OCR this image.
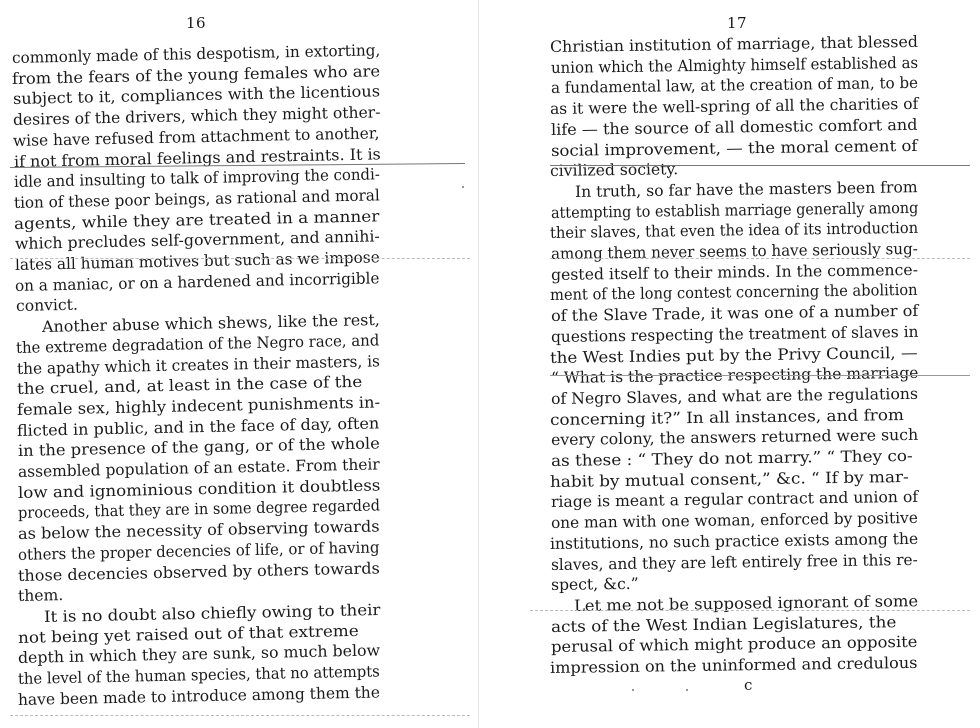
16
commonly made of this despotism, in extorting,
from the fears of the young females who are
subject to it, compliances with the licentious
desires of the drivers, which they might other-
wise have refused from attachment to another,
if not from moral feelings and restraints. It is
idle and insulting to talk of improving the condi-
tion of these poor beings, as rational and moral
agents, while they are treated in a manner
which precludes self-government, and annihi-
lates all human motives but such as we impose
on a maniac, or on a hardened and incorrigible
convict.
Another abuse which shews, like the rest,
the extreme degradation of the Negro race, and
the apathy which it creates in their masters, is
the cruel, and, at least in the case of the
female sex, highly indecent punishments in-
flicted in public, and in the face of day, often
in the presence of the gang, or of the whole
assembled population of an estate. From their
low and ignominious condition it doubtless
proceeds, that they are in some degree regarded
as below the necessity of observing towards
others the proper decencies of life, or of having
those decencies observed by others towards
them.
It is no doubt also chiefly owing to their
not being yet raised out of that extreme
depth in which they are sunk, so much below
the level of the human species, that no attempts
have been made to introduce among them the
17
Christian institution of marriage, that blessed
union which the Almighty himself established as
a fundamental law, at the creation of man, to be
as it were the well-spring of all the charities of
life — the source of all domestic comfort and
social improvement, — the moral cement of
civilized society.
In truth, so far have the masters been from
attempting to establish marriage generally among
their slaves, that even the idea of its introduction
among them never seems to have seriously sug-
gested itself to their minds. In the commence-
ment of the long contest concerning the abolition
of the Slave Trade, it was one of a number of
questions respecting the treatment of slaves in
the West Indies put by the Privy Council, —
“ What is the practice respecting the marriage
of Negro Slaves, and what are the regulations
concerning it?” In all instances, and from
every colony, the answers returned were such
as these : “ They do not marry.” “ They co-
habit by mutual consent,” &c. “ If by mar-
riage is meant a regular contract and union of
one man with one woman, enforced by positive
institutions, no such practice exists among the
slaves, and they are left entirely free in this re-
spect, &c.”
Let me not be supposed ignorant of some
acts of the West Indian Legislatures, the
perusal of which might produce an opposite
impression on the uninformed and credulous
c
